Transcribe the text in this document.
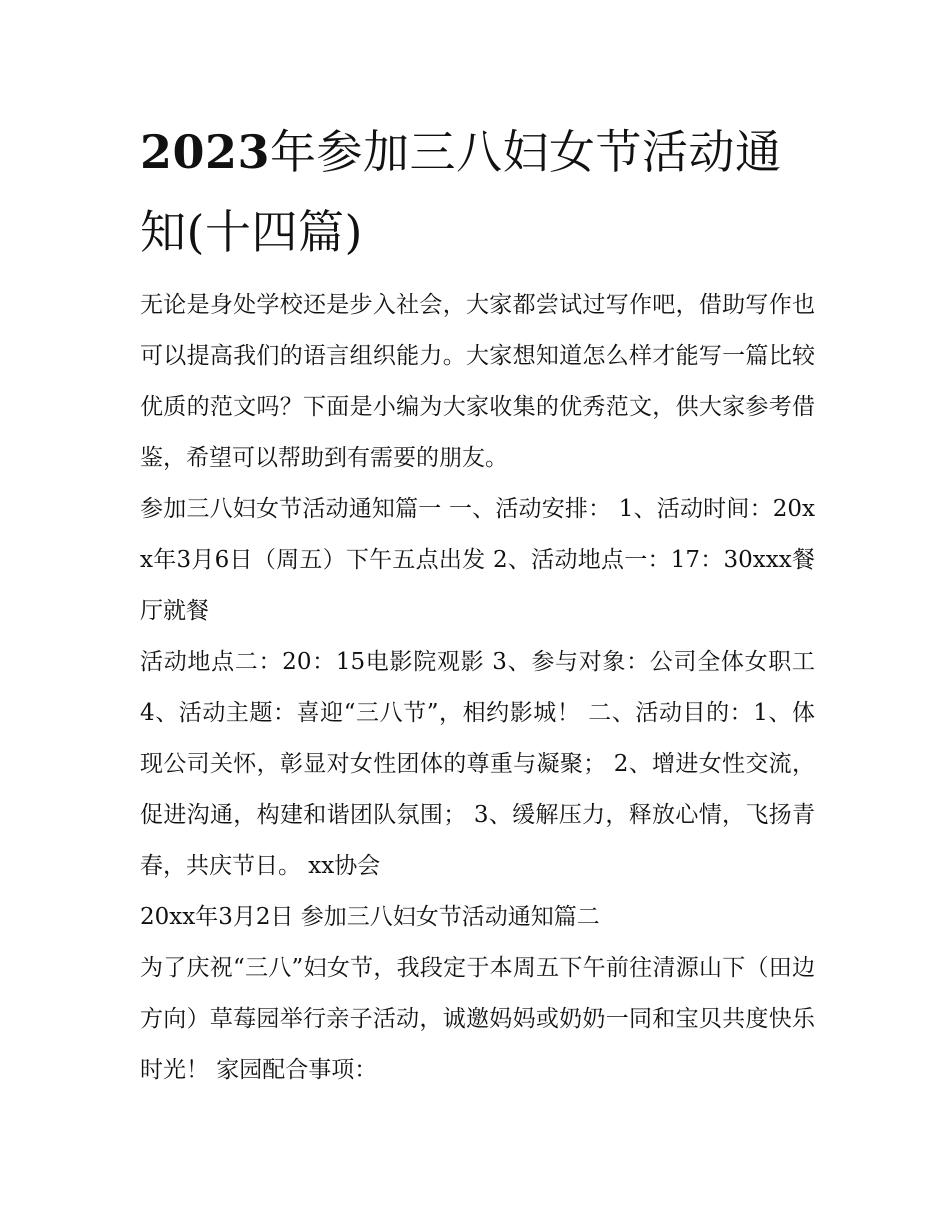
2023年参加三八妇女节活动通知(十四篇)

无论是身处学校还是步入社会，大家都尝试过写作吧，借助写作也可以提高我们的语言组织能力。大家想知道怎么样才能写一篇比较优质的范文吗？下面是小编为大家收集的优秀范文，供大家参考借鉴，希望可以帮助到有需要的朋友。

参加三八妇女节活动通知篇一 一、活动安排： 1、活动时间：20xx年3月6日（周五）下午五点出发 2、活动地点一：17：30xxx餐厅就餐

活动地点二：20：15电影院观影 3、参与对象：公司全体女职工 4、活动主题：喜迎“三八节”，相约影城！ 二、活动目的：1、体现公司关怀，彰显对女性团体的尊重与凝聚； 2、增进女性交流，促进沟通，构建和谐团队氛围； 3、缓解压力，释放心情，飞扬青春，共庆节日。 xx协会

20xx年3月2日 参加三八妇女节活动通知篇二

为了庆祝“三八”妇女节，我段定于本周五下午前往清源山下（田边方向）草莓园举行亲子活动，诚邀妈妈或奶奶一同和宝贝共度快乐时光！ 家园配合事项：
